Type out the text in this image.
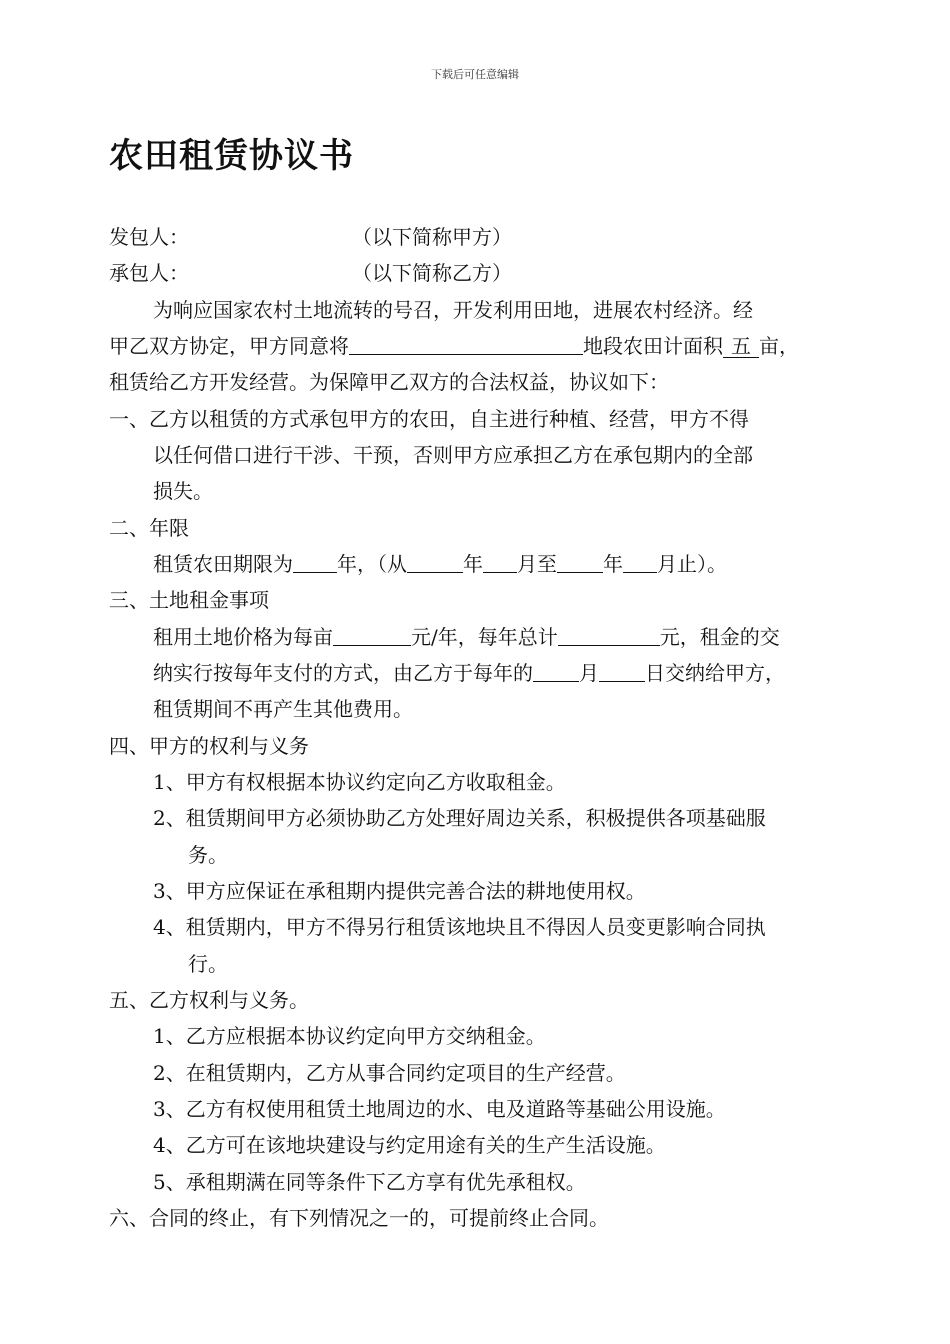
下载后可任意编辑
农田租赁协议书
发包人：	（以下简称甲方）
承包人：	（以下简称乙方）
为响应国家农村土地流转的号召，开发利用田地，进展农村经济。经
甲乙双方协定，甲方同意将	地段农田计面积 五 亩，
租赁给乙方开发经营。为保障甲乙双方的合法权益，协议如下：
一、乙方以租赁的方式承包甲方的农田，自主进行种植、经营，甲方不得
以任何借口进行干涉、干预，否则甲方应承担乙方在承包期内的全部
损失。
二、年限
租赁农田期限为 年，（从	年 月至 年 月止）。
三、土地租金事项
租用土地价格为每亩	元/年，每年总计	元，租金的交
纳实行按每年支付的方式，由乙方于每年的 月 日交纳给甲方，
租赁期间不再产生其他费用。
四、甲方的权利与义务
1、甲方有权根据本协议约定向乙方收取租金。
2、租赁期间甲方必须协助乙方处理好周边关系，积极提供各项基础服
务。
3、甲方应保证在承租期内提供完善合法的耕地使用权。
4、租赁期内，甲方不得另行租赁该地块且不得因人员变更影响合同执
行。
五、乙方权利与义务。
1、乙方应根据本协议约定向甲方交纳租金。
2、在租赁期内，乙方从事合同约定项目的生产经营。
3、乙方有权使用租赁土地周边的水、电及道路等基础公用设施。
4、乙方可在该地块建设与约定用途有关的生产生活设施。
5、承租期满在同等条件下乙方享有优先承租权。
六、合同的终止，有下列情况之一的，可提前终止合同。
